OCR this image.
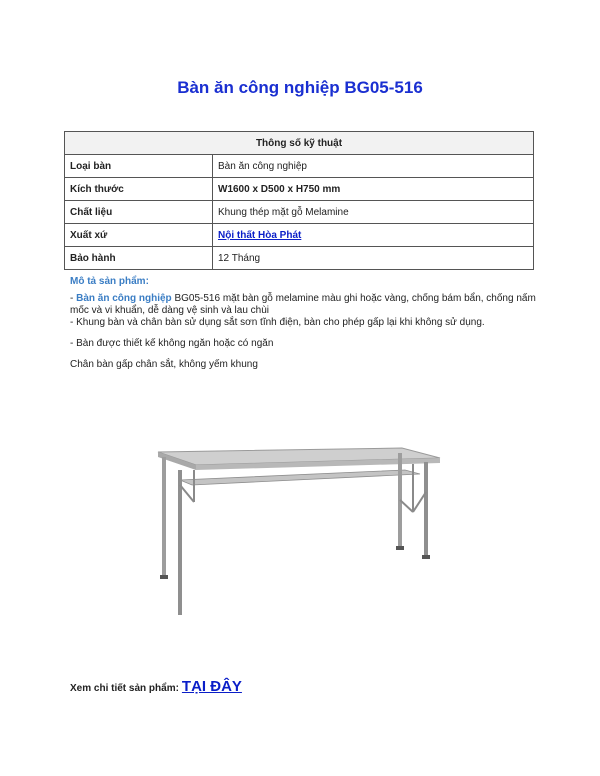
Bàn ăn công nghiệp BG05-516
Thông số kỹ thuật	
Loại bàn	Bàn ăn công nghiệp
Kích thước	W1600 x D500 x H750 mm
Chất liệu	Khung thép mặt gỗ Melamine
Xuất xứ	Nội thất Hòa Phát
Bảo hành	12 Tháng
Mô tả sản phẩm:

- Bàn ăn công nghiệp BG05-516 mặt bàn gỗ melamine màu ghi hoặc vàng, chống bám bẩn, chống nấm mốc và vi khuẩn, dễ dàng vệ sinh và lau chùi

- Khung bàn và chân bàn sử dụng sắt sơn tĩnh điện, bàn cho phép gấp lại khi không sử dụng.

- Bàn được thiết kế không ngăn hoặc có ngăn

Chân bàn gấp chân sắt, không yếm khung

Xem chi tiết sản phẩm: TẠI ĐÂY
